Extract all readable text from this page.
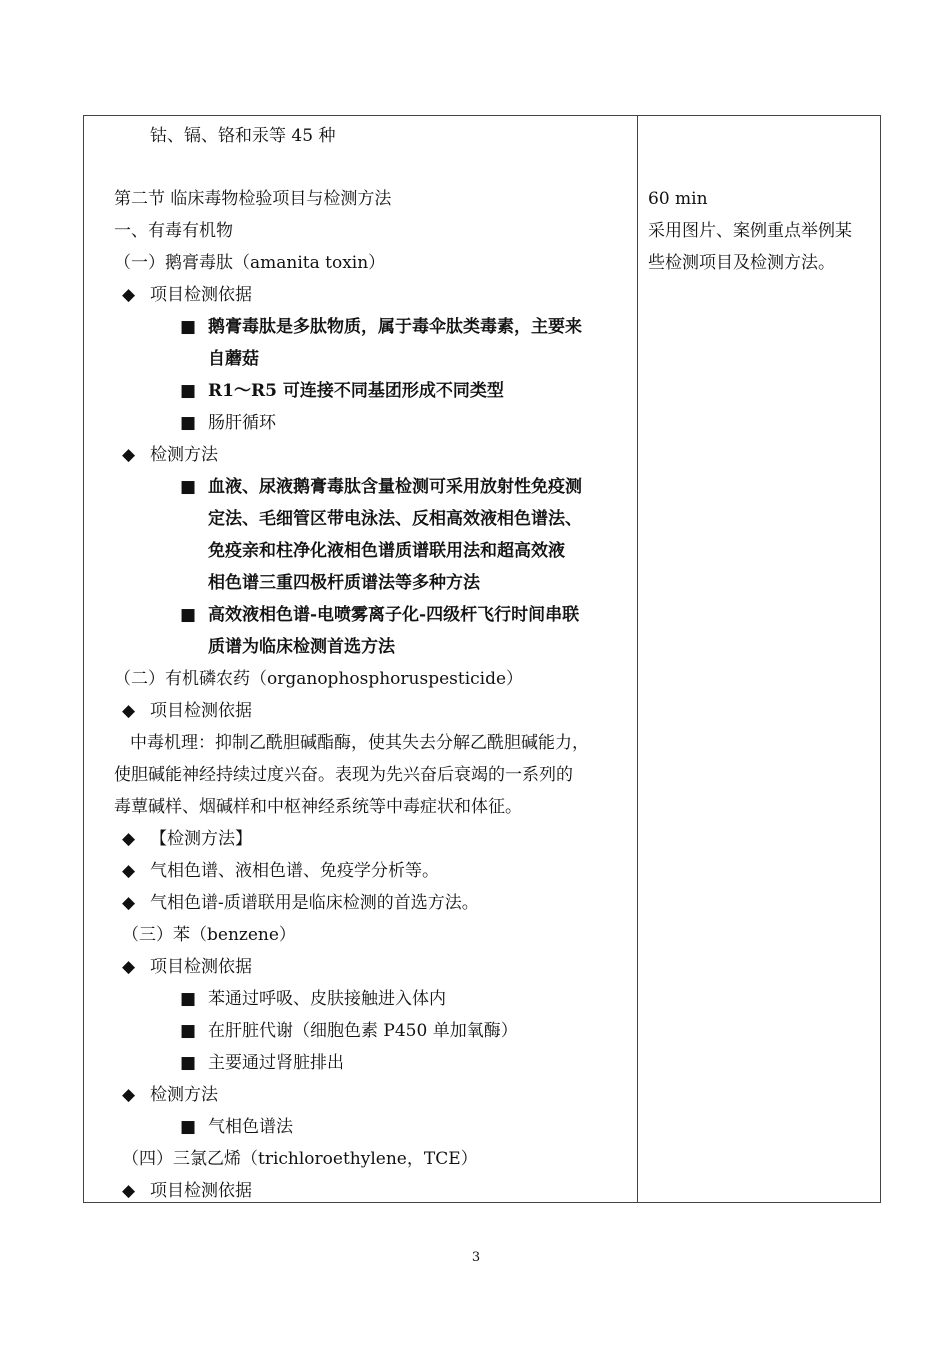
钴、镉、铬和汞等 45 种
第二节 临床毒物检验项目与检测方法
一、有毒有机物
（一）鹅膏毒肽（amanita toxin）
◆ 项目检测依据
■ 鹅膏毒肽是多肽物质，属于毒伞肽类毒素，主要来
自蘑菇
■ R1～R5 可连接不同基团形成不同类型
■ 肠肝循环
◆ 检测方法
■ 血液、尿液鹅膏毒肽含量检测可采用放射性免疫测
定法、毛细管区带电泳法、反相高效液相色谱法、
免疫亲和柱净化液相色谱质谱联用法和超高效液
相色谱三重四极杆质谱法等多种方法
■ 高效液相色谱-电喷雾离子化-四级杆飞行时间串联
质谱为临床检测首选方法
（二）有机磷农药（organophosphoruspesticide）
◆ 项目检测依据
中毒机理：抑制乙酰胆碱酯酶，使其失去分解乙酰胆碱能力，
使胆碱能神经持续过度兴奋。表现为先兴奋后衰竭的一系列的
毒蕈碱样、烟碱样和中枢神经系统等中毒症状和体征。
◆ 【检测方法】
◆ 气相色谱、液相色谱、免疫学分析等。
◆ 气相色谱-质谱联用是临床检测的首选方法。
（三）苯（benzene）
◆ 项目检测依据
■ 苯通过呼吸、皮肤接触进入体内
■ 在肝脏代谢（细胞色素 P450 单加氧酶）
■ 主要通过肾脏排出
◆ 检测方法
■ 气相色谱法
（四）三氯乙烯（trichloroethylene，TCE）
◆ 项目检测依据
60 min
采用图片、案例重点举例某
些检测项目及检测方法。
3
